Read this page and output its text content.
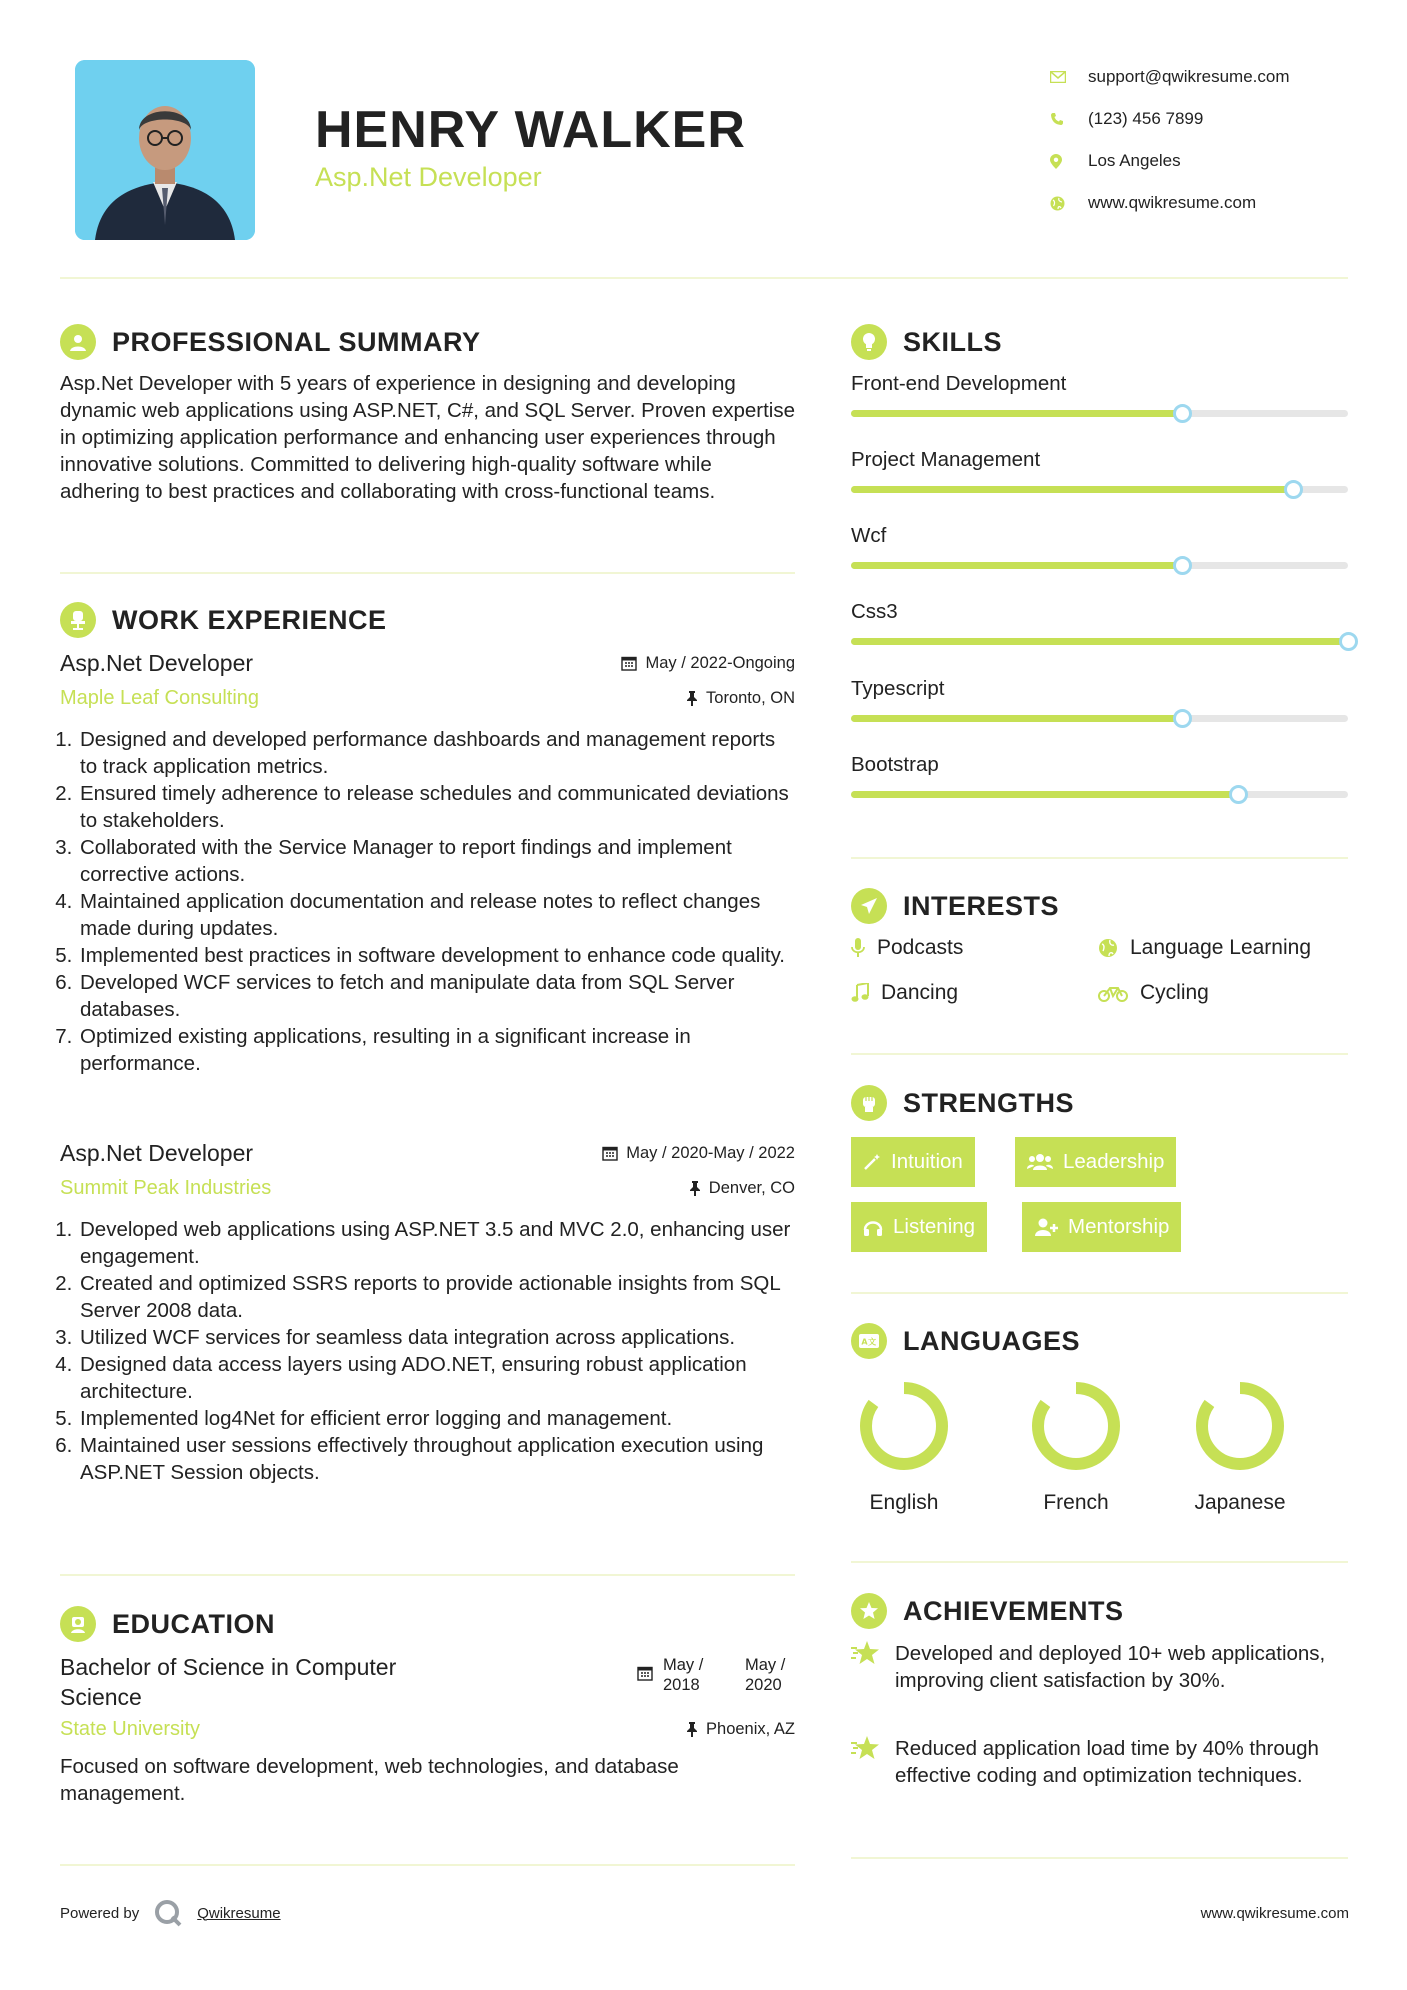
HENRY WALKER
Asp.Net Developer
support@qwikresume.com
(123) 456 7899
Los Angeles
www.qwikresume.com
PROFESSIONAL SUMMARY
Asp.Net Developer with 5 years of experience in designing and developing dynamic web applications using ASP.NET, C#, and SQL Server. Proven expertise in optimizing application performance and enhancing user experiences through innovative solutions. Committed to delivering high-quality software while adhering to best practices and collaborating with cross-functional teams.
WORK EXPERIENCE
Asp.Net Developer	May / 2022-Ongoing
Maple Leaf Consulting	Toronto, ON
1. Designed and developed performance dashboards and management reports to track application metrics.
2. Ensured timely adherence to release schedules and communicated deviations to stakeholders.
3. Collaborated with the Service Manager to report findings and implement corrective actions.
4. Maintained application documentation and release notes to reflect changes made during updates.
5. Implemented best practices in software development to enhance code quality.
6. Developed WCF services to fetch and manipulate data from SQL Server databases.
7. Optimized existing applications, resulting in a significant increase in performance.
Asp.Net Developer	May / 2020-May / 2022
Summit Peak Industries	Denver, CO
1. Developed web applications using ASP.NET 3.5 and MVC 2.0, enhancing user engagement.
2. Created and optimized SSRS reports to provide actionable insights from SQL Server 2008 data.
3. Utilized WCF services for seamless data integration across applications.
4. Designed data access layers using ADO.NET, ensuring robust application architecture.
5. Implemented log4Net for efficient error logging and management.
6. Maintained user sessions effectively throughout application execution using ASP.NET Session objects.
EDUCATION
Bachelor of Science in Computer Science
May / 2018
May / 2020
State University	Phoenix, AZ
Focused on software development, web technologies, and database management.
SKILLS
Front-end Development
Project Management
Wcf
Css3
Typescript
Bootstrap
INTERESTS
Podcasts	Language Learning
Dancing	Cycling
STRENGTHS
Intuition	Leadership
Listening	Mentorship
A文 LANGUAGES
English	French	Japanese
ACHIEVEMENTS
Developed and deployed 10+ web applications, improving client satisfaction by 30%.
Reduced application load time by 40% through effective coding and optimization techniques.
Powered by	Qwikresume	www.qwikresume.com
